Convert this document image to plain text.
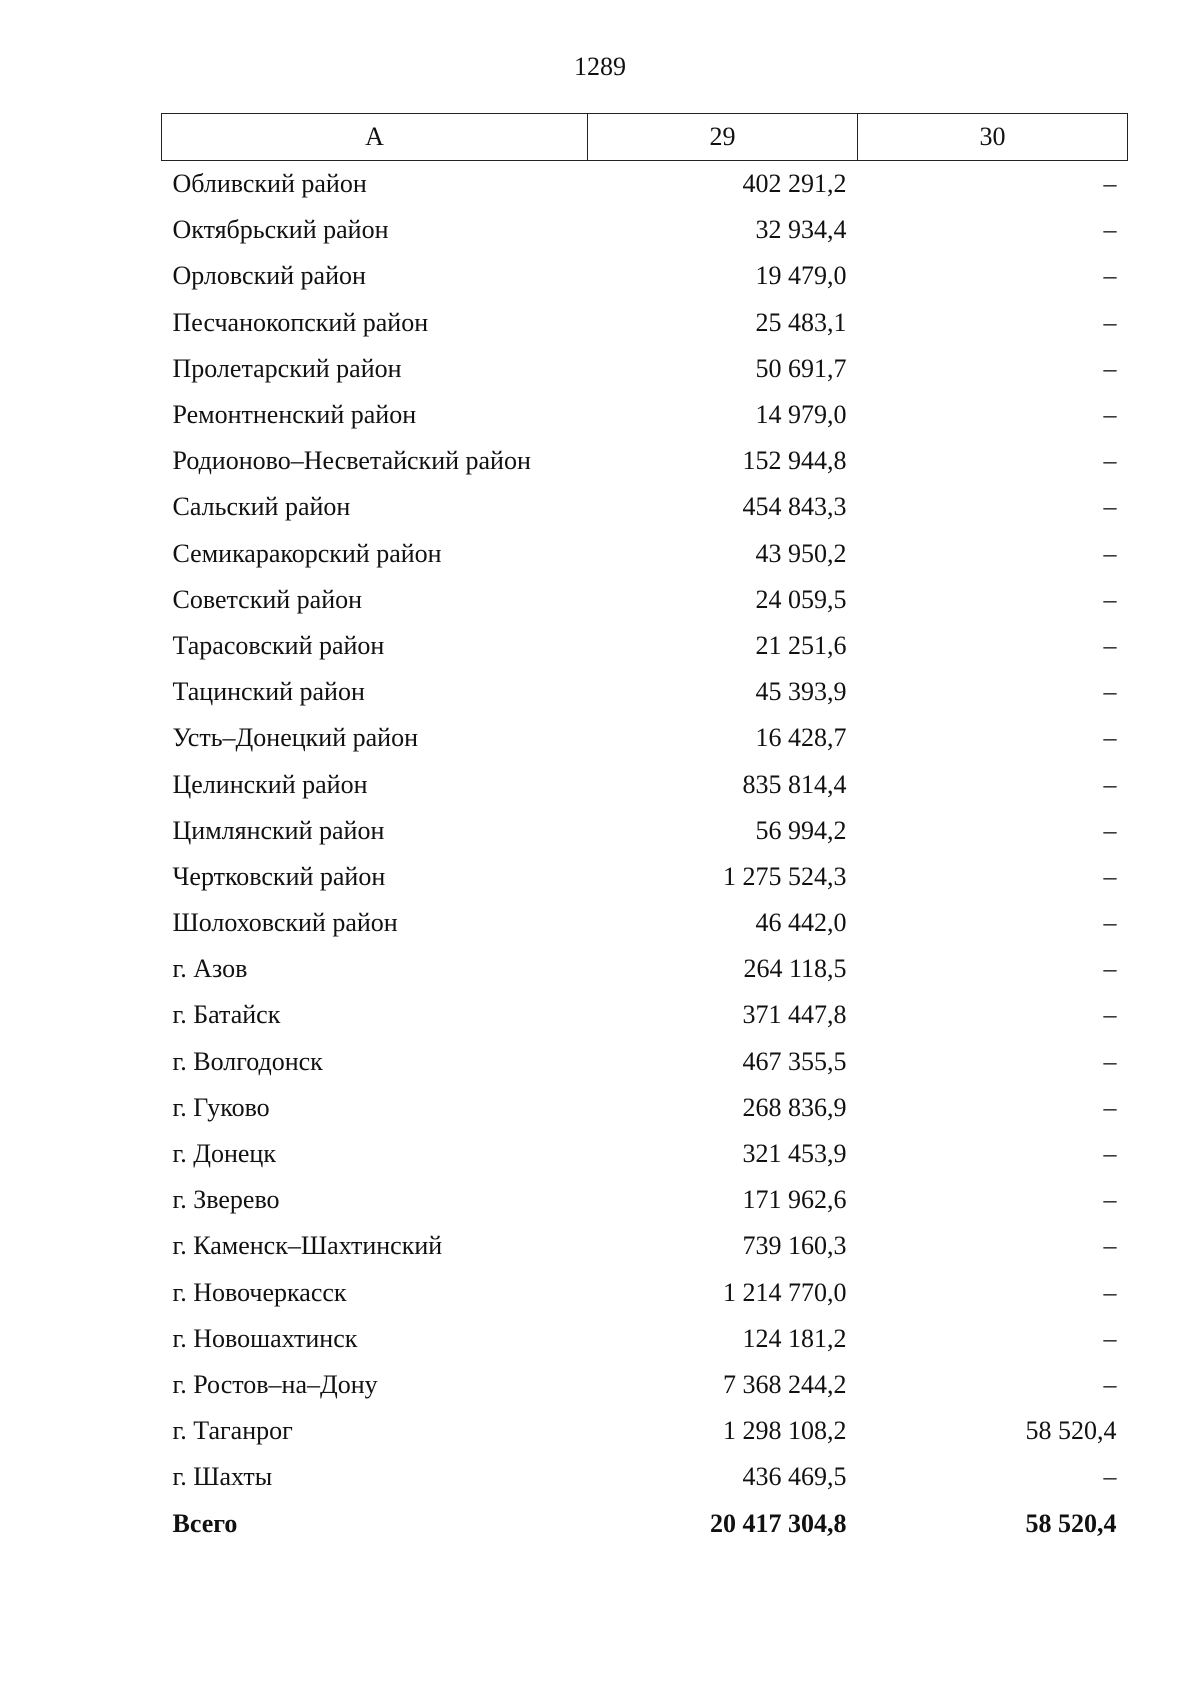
1289
А	29	30
Обливский район	402 291,2	–
Октябрьский район	32 934,4	–
Орловский район	19 479,0	–
Песчанокопский район	25 483,1	–
Пролетарский район	50 691,7	–
Ремонтненский район	14 979,0	–
Родионово–Несветайский район	152 944,8	–
Сальский район	454 843,3	–
Семикаракорский район	43 950,2	–
Советский район	24 059,5	–
Тарасовский район	21 251,6	–
Тацинский район	45 393,9	–
Усть–Донецкий район	16 428,7	–
Целинский район	835 814,4	–
Цимлянский район	56 994,2	–
Чертковский район	1 275 524,3	–
Шолоховский район	46 442,0	–
г. Азов	264 118,5	–
г. Батайск	371 447,8	–
г. Волгодонск	467 355,5	–
г. Гуково	268 836,9	–
г. Донецк	321 453,9	–
г. Зверево	171 962,6	–
г. Каменск–Шахтинский	739 160,3	–
г. Новочеркасск	1 214 770,0	–
г. Новошахтинск	124 181,2	–
г. Ростов–на–Дону	7 368 244,2	–
г. Таганрог	1 298 108,2	58 520,4
г. Шахты	436 469,5	–
Всего	20 417 304,8	58 520,4
